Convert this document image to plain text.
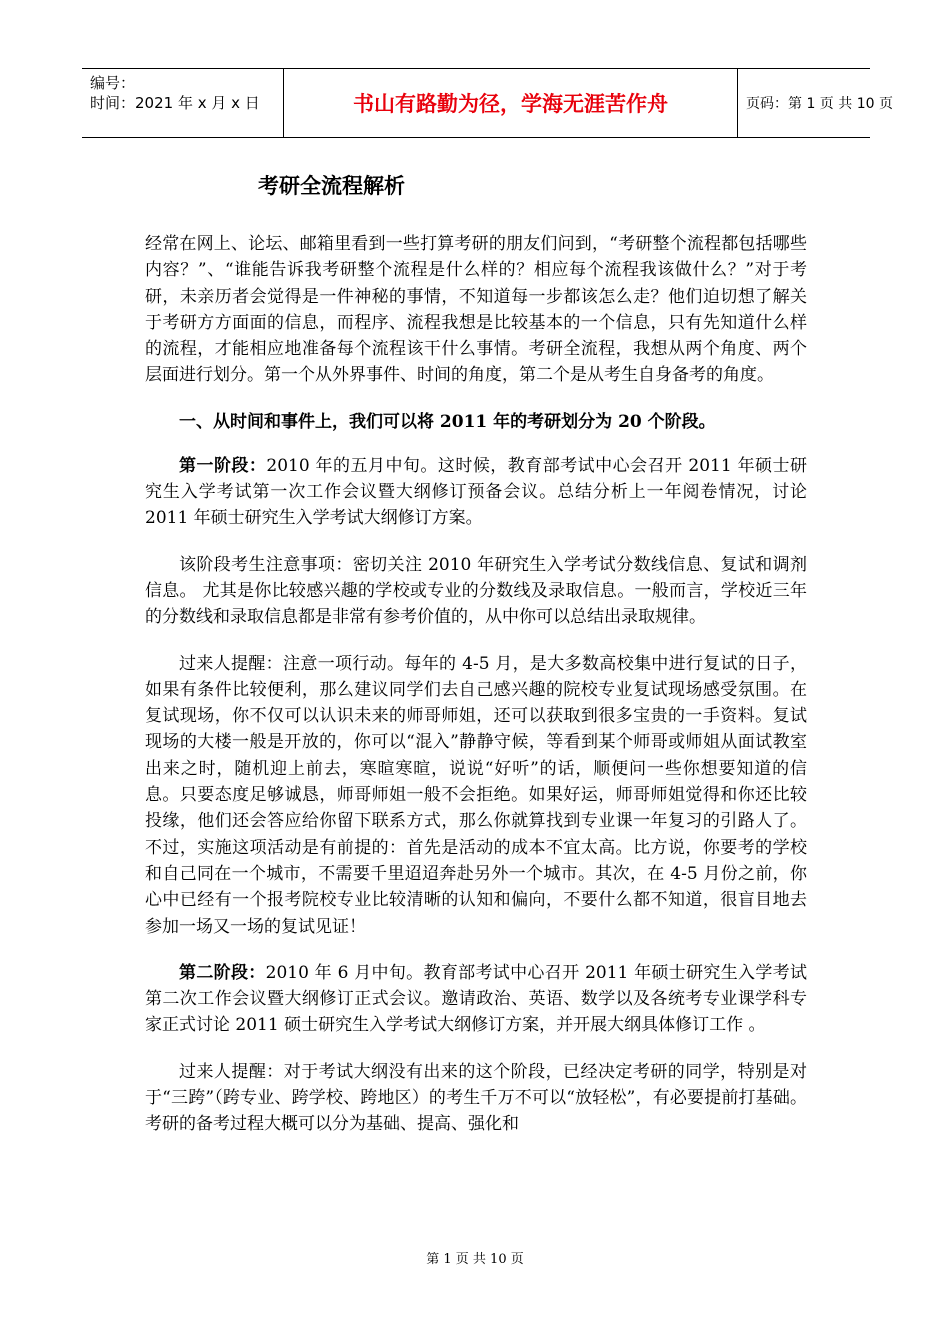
编号：
时间：2021 年 x 月 x 日	书山有路勤为径，学海无涯苦作舟	页码：第 1 页 共 10 页
考研全流程解析

经常在网上、论坛、邮箱里看到一些打算考研的朋友们问到，“考研整个流程都包括哪些内容？”、“谁能告诉我考研整个流程是什么样的？相应每个流程我该做什么？”对于考研，未亲历者会觉得是一件神秘的事情，不知道每一步都该怎么走？他们迫切想了解关于考研方方面面的信息，而程序、流程我想是比较基本的一个信息，只有先知道什么样的流程，才能相应地准备每个流程该干什么事情。考研全流程，我想从两个角度、两个层面进行划分。第一个从外界事件、时间的角度，第二个是从考生自身备考的角度。

一、从时间和事件上，我们可以将 2011 年的考研划分为 20 个阶段。

第一阶段：2010 年的五月中旬。这时候，教育部考试中心会召开 2011 年硕士研究生入学考试第一次工作会议暨大纲修订预备会议。总结分析上一年阅卷情况，讨论 2011 年硕士研究生入学考试大纲修订方案。

该阶段考生注意事项：密切关注 2010 年研究生入学考试分数线信息、复试和调剂信息。 尤其是你比较感兴趣的学校或专业的分数线及录取信息。一般而言，学校近三年的分数线和录取信息都是非常有参考价值的，从中你可以总结出录取规律。

过来人提醒：注意一项行动。每年的 4-5 月，是大多数高校集中进行复试的日子，如果有条件比较便利，那么建议同学们去自己感兴趣的院校专业复试现场感受氛围。在复试现场，你不仅可以认识未来的师哥师姐，还可以获取到很多宝贵的一手资料。复试现场的大楼一般是开放的，你可以“混入”静静守候，等看到某个师哥或师姐从面试教室出来之时，随机迎上前去，寒暄寒暄，说说“好听”的话，顺便问一些你想要知道的信息。只要态度足够诚恳，师哥师姐一般不会拒绝。如果好运，师哥师姐觉得和你还比较投缘，他们还会答应给你留下联系方式，那么你就算找到专业课一年复习的引路人了。不过，实施这项活动是有前提的：首先是活动的成本不宜太高。比方说，你要考的学校和自己同在一个城市，不需要千里迢迢奔赴另外一个城市。其次，在 4-5 月份之前，你心中已经有一个报考院校专业比较清晰的认知和偏向，不要什么都不知道，很盲目地去参加一场又一场的复试见证！

第二阶段：2010 年 6 月中旬。教育部考试中心召开 2011 年硕士研究生入学考试第二次工作会议暨大纲修订正式会议。邀请政治、英语、数学以及各统考专业课学科专家正式讨论 2011 硕士研究生入学考试大纲修订方案，并开展大纲具体修订工作 。

过来人提醒：对于考试大纲没有出来的这个阶段，已经决定考研的同学，特别是对于“三跨”（跨专业、跨学校、跨地区）的考生千万不可以“放轻松”，有必要提前打基础。考研的备考过程大概可以分为基础、提高、强化和

第 1 页 共 10 页
